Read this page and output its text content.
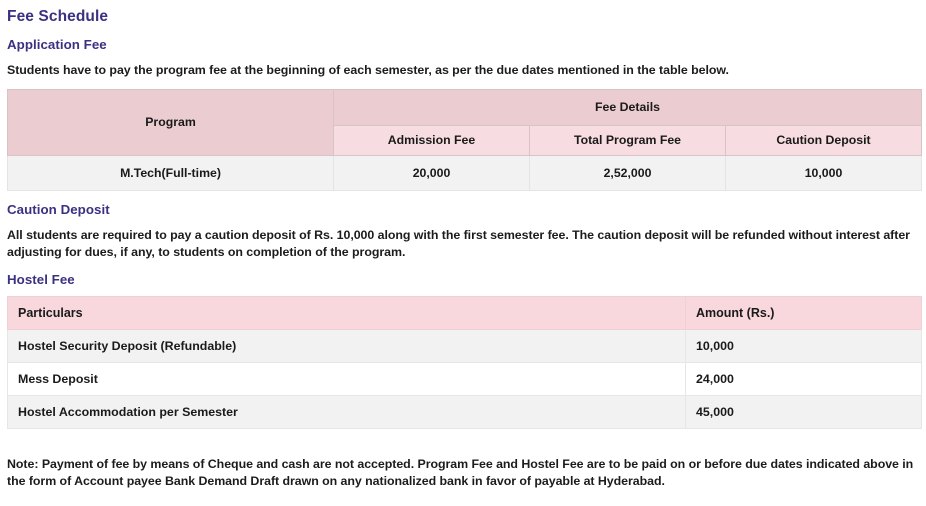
Fee Schedule
Application Fee

Students have to pay the program fee at the beginning of each semester, as per the due dates mentioned in the table below.

Program	Fee Details		
	Admission Fee	Total Program Fee	Caution Deposit
M.Tech(Full-time)	20,000	2,52,000	10,000
Caution Deposit

All students are required to pay a caution deposit of Rs. 10,000 along with the first semester fee. The caution deposit will be refunded without interest after adjusting for dues, if any, to students on completion of the program.

Hostel Fee
Particulars	Amount (Rs.)
Hostel Security Deposit (Refundable)	10,000
Mess Deposit	24,000
Hostel Accommodation per Semester	45,000

Note: Payment of fee by means of Cheque and cash are not accepted. Program Fee and Hostel Fee are to be paid on or before due dates indicated above in the form of Account payee Bank Demand Draft drawn on any nationalized bank in favor of payable at Hyderabad.
